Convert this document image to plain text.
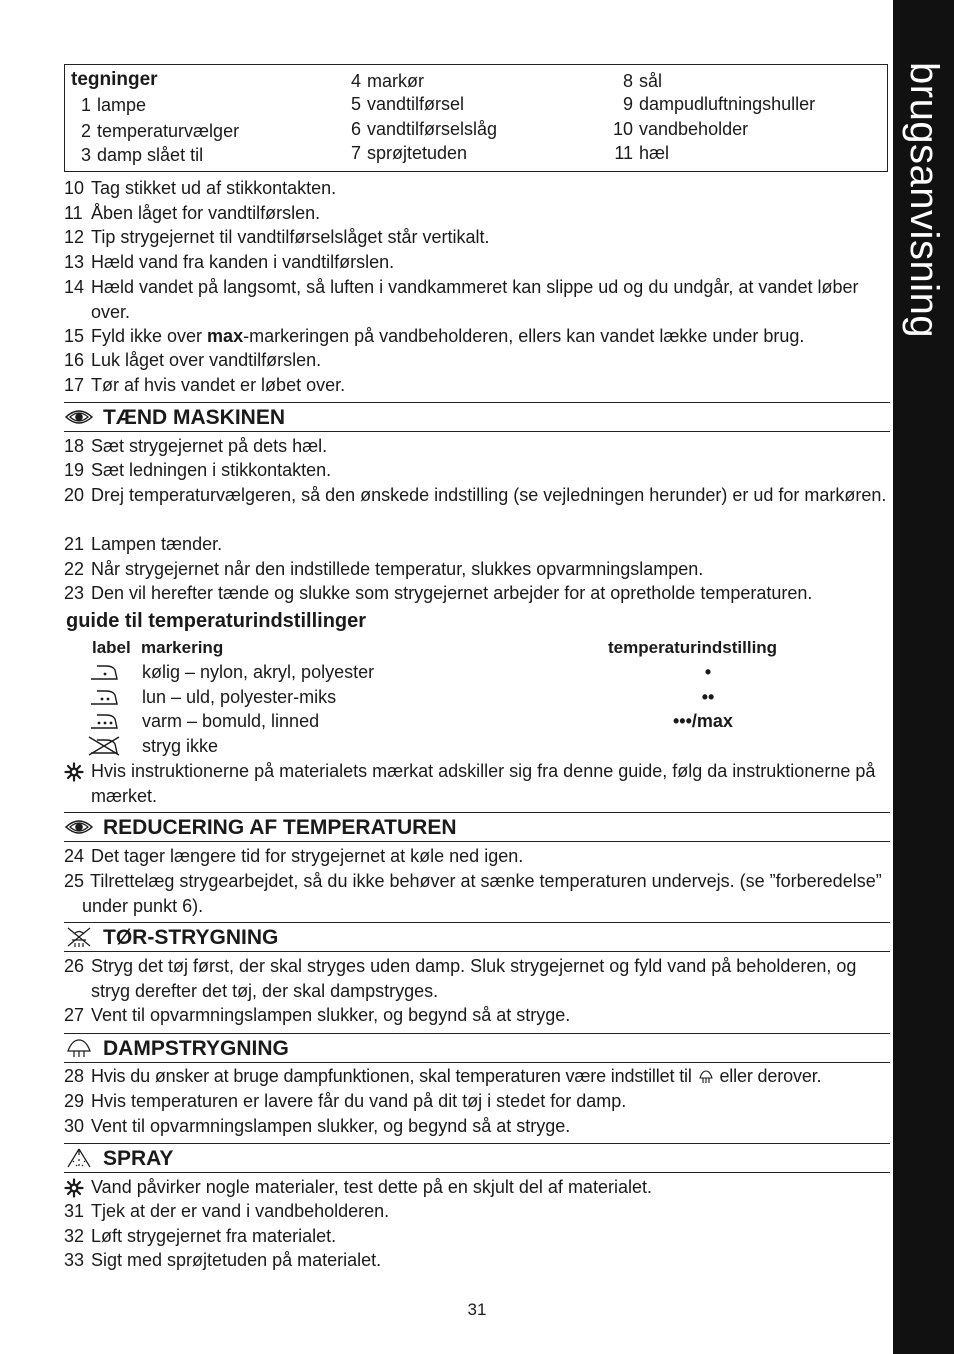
brugsanvisning
tegninger
1 lampe
2 temperaturvælger
3 damp slået til
4 markør
5 vandtilførsel
6 vandtilførselslåg
7 sprøjtetuden
8 sål
9 dampudluftningshuller
10 vandbeholder
11 hæl
10 Tag stikket ud af stikkontakten.
11 Åben låget for vandtilførslen.
12 Tip strygejernet til vandtilførselslåget står vertikalt.
13 Hæld vand fra kanden i vandtilførslen.
14 Hæld vandet på langsomt, så luften i vandkammeret kan slippe ud og du undgår, at vandet løber over.
15 Fyld ikke over max-markeringen på vandbeholderen, ellers kan vandet lække under brug.
16 Luk låget over vandtilførslen.
17 Tør af hvis vandet er løbet over.
18 Sæt strygejernet på dets hæl.
19 Sæt ledningen i stikkontakten.
20 Drej temperaturvælgeren, så den ønskede indstilling (se vejledningen herunder) er ud for markøren.
21 Lampen tænder.
22 Når strygejernet når den indstillede temperatur, slukkes opvarmningslampen.
23 Den vil herefter tænde og slukke som strygejernet arbejder for at opretholde temperaturen.
Hvis instruktionerne på materialets mærkat adskiller sig fra denne guide, følg da instruktionerne på mærket.
24 Det tager længere tid for strygejernet at køle ned igen.
25 Tilrettelæg strygearbejdet, så du ikke behøver at sænke temperaturen undervejs. (se ”forberedelse” under punkt 6).
26 Stryg det tøj først, der skal stryges uden damp. Sluk strygejernet og fyld vand på beholderen, og stryg derefter det tøj, der skal dampstryges.
27 Vent til opvarmningslampen slukker, og begynd så at stryge.
28 Hvis du ønsker at bruge dampfunktionen, skal temperaturen være indstillet til  eller derover.
29 Hvis temperaturen er lavere får du vand på dit tøj i stedet for damp.
30 Vent til opvarmningslampen slukker, og begynd så at stryge.
Vand påvirker nogle materialer, test dette på en skjult del af materialet.
31 Tjek at der er vand i vandbeholderen.
32 Løft strygejernet fra materialet.
33 Sigt med sprøjtetuden på materialet.
TÆND MASKINEN
REDUCERING AF TEMPERATUREN
TØR-STRYGNING
DAMPSTRYGNING
SPRAY
guide til temperaturindstillinger
label markering	temperaturindstilling
kølig – nylon, akryl, polyester	•
lun – uld, polyester-miks	••
varm – bomuld, linned	•••/max
stryg ikke
31
